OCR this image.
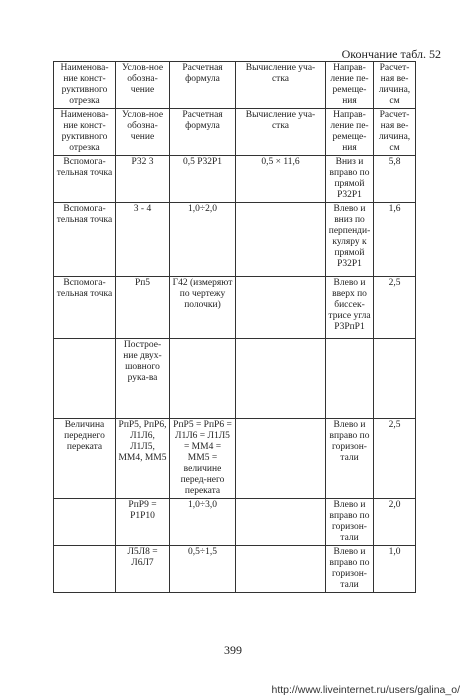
Окончание табл. 52
Наименова-ние конст-руктивного отрезка	Услов-ное обозна-чение	Расчетная формула	Вычисление уча-стка	Направ-ление пе-ремеще-ния	Расчет-ная ве-личина, см
Наименова-ние конст-руктивного отрезка	Услов-ное обозна-чение	Расчетная формула	Вычисление уча-стка	Направ-ление пе-ремеще-ния	Расчет-ная ве-личина, см
Вспомога-тельная точка	Р32 3	0,5 Р32Р1	0,5 × 11,6	Вниз и вправо по прямой Р32Р1	5,8
Вспомога-тельная точка	3 - 4	1,0÷2,0		Влево и вниз по перпенди-куляру к прямой Р32Р1	1,6
Вспомога-тельная точка	Рп5	Г42 (измеряют по чертежу полочки)		Влево и вверх по биссек-трисе угла Р3РпР1	2,5
	Построе-ние двух-шовного рука-ва				
Величина переднего переката	РпР5, РпР6, Л1Л6, Л1Л5, ММ4, ММ5	РпР5 = РпР6 = Л1Л6 = Л1Л5 = ММ4 = ММ5 = величине перед-него переката		Влево и вправо по горизон-тали	2,5
	РпР9 = Р1Р10	1,0÷3,0		Влево и вправо по горизон-тали	2,0
	Л5Л8 = Л6Л7	0,5÷1,5		Влево и вправо по горизон-тали	1,0
399
http://www.liveinternet.ru/users/galina_o/
